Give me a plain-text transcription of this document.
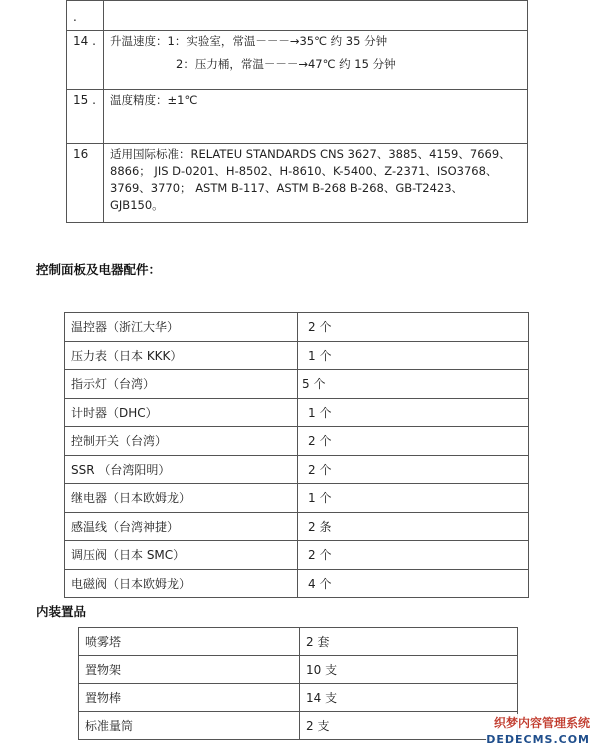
.	
14 .	升温速度：1：实验室，常温－－－→35℃ 约 35 分钟
2：压力桶，常温－－－→47℃ 约 15 分钟

15 .	温度精度：±1℃
16	适用国际标准：RELATEU STANDARDS CNS 3627、3885、4159、7669、
8866； JIS D-0201、H-8502、H-8610、K-5400、Z-2371、ISO3768、
3769、3770； ASTM B-117、ASTM B-268 B-268、GB-T2423、
GJB150。

控制面板及电器配件：

温控器（浙江大华）	2 个
压力表（日本 KKK）	1 个
指示灯（台湾）	5 个
计时器（DHC）	1 个
控制开关（台湾）	2 个
SSR （台湾阳明）	2 个
继电器（日本欧姆龙）	1 个
感温线（台湾神捷）	2 条
调压阀（日本 SMC）	2 个
电磁阀（日本欧姆龙）	4 个

内装置品

喷雾塔	2 套
置物架	10 支
置物棒	14 支
标准量筒	2 支	织梦内容管理系统
DEDECMS.COM
